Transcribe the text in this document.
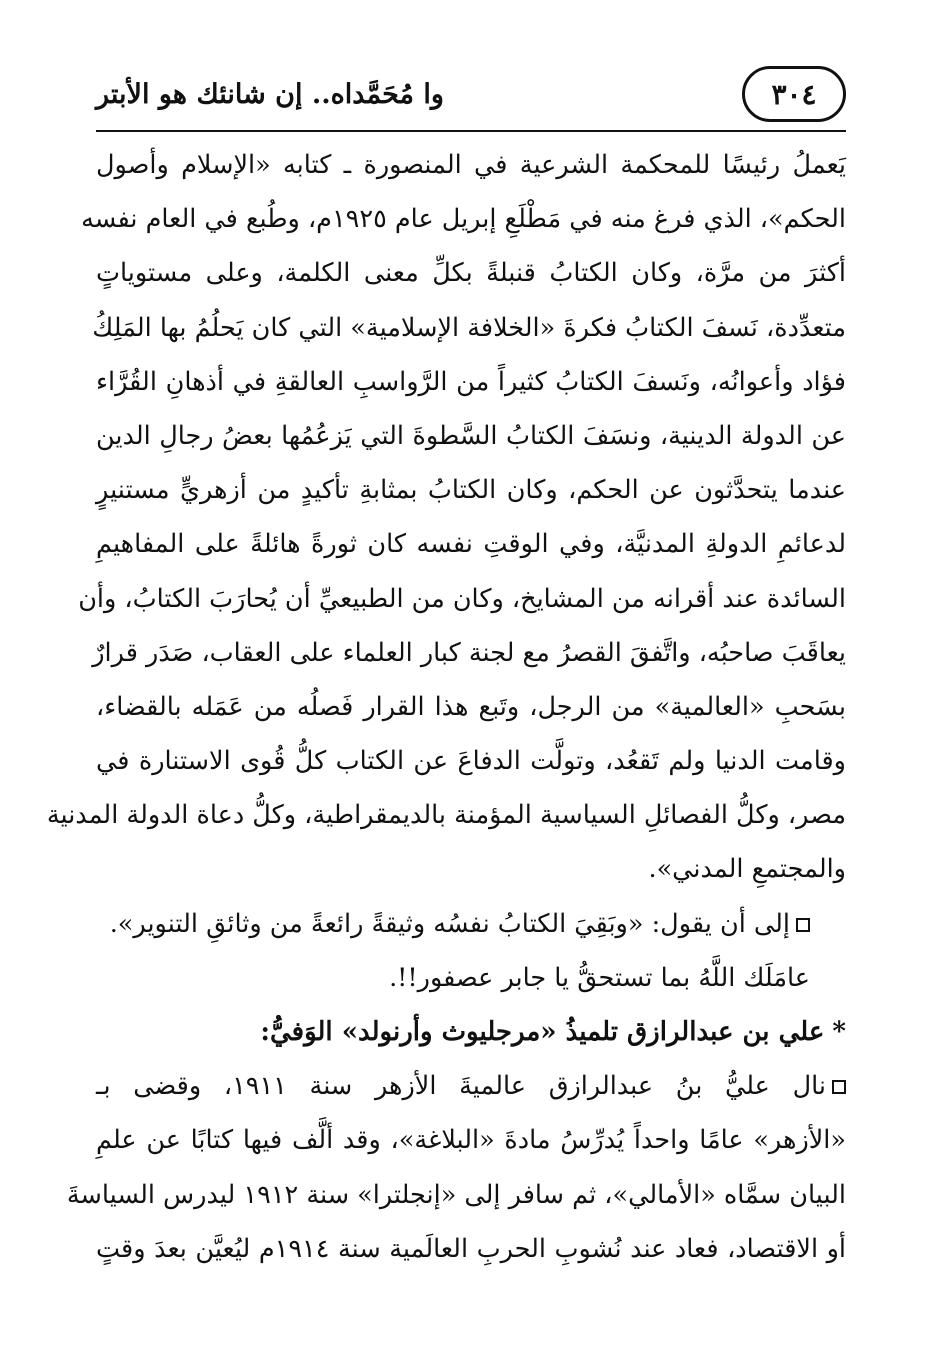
٣٠٤
وا مُحَمَّداه.. إن شانئك هو الأبتر
يَعملُ رئيسًا للمحكمة الشرعية في المنصورة ـ كتابه «الإسلام وأصول
الحكم»، الذي فرغ منه في مَطْلَعِ إبريل عام ١٩٢٥م، وطُبع في العام نفسه
أكثرَ من مرَّة، وكان الكتابُ قنبلةً بكلِّ معنى الكلمة، وعلى مستوياتٍ
متعدِّدة، نَسفَ الكتابُ فكرةَ «الخلافة الإسلامية» التي كان يَحلُمُ بها المَلِكُ
فؤاد وأعوانُه، ونَسفَ الكتابُ كثيراً من الرَّواسبِ العالقةِ في أذهانِ القُرَّاء
عن الدولة الدينية، ونسَفَ الكتابُ السَّطوةَ التي يَزعُمُها بعضُ رجالِ الدين
عندما يتحدَّثون عن الحكم، وكان الكتابُ بمثابةِ تأكيدٍ من أزهريٍّ مستنيرٍ
لدعائمِ الدولةِ المدنيَّة، وفي الوقتِ نفسه كان ثورةً هائلةً على المفاهيمِ
السائدة عند أقرانه من المشايخ، وكان من الطبيعيِّ أن يُحارَبَ الكتابُ، وأن
يعاقَبَ صاحبُه، واتَّفقَ القصرُ مع لجنة كبار العلماء على العقاب، صَدَر قرارٌ
بسَحبِ «العالمية» من الرجل، وتَبع هذا القرار فَصلُه من عَمَله بالقضاء،
وقامت الدنيا ولم تَقعُد، وتولَّت الدفاعَ عن الكتاب كلُّ قُوى الاستنارة في
مصر، وكلُّ الفصائلِ السياسية المؤمنة بالديمقراطية، وكلُّ دعاة الدولة المدنية
والمجتمعِ المدني».
إلى أن يقول: «وبَقِيَ الكتابُ نفسُه وثيقةً رائعةً من وثائقِ التنوير».
عامَلَك اللَّهُ بما تستحقُّ يا جابر عصفور!!.
*علي بن عبدالرازق تلميذُ «مرجليوث وأرنولد» الوَفيُّ:
نال عليُّ بنُ عبدالرازق عالميةَ الأزهر سنة ١٩١١، وقضى بـ
«الأزهر» عامًا واحداً يُدرِّسُ مادةَ «البلاغة»، وقد ألَّف فيها كتابًا عن علمِ
البيان سمَّاه «الأمالي»، ثم سافر إلى «إنجلترا» سنة ١٩١٢ ليدرس السياسةَ
أو الاقتصاد، فعاد عند نُشوبِ الحربِ العالَمية سنة ١٩١٤م ليُعيَّن بعدَ وقتٍ
